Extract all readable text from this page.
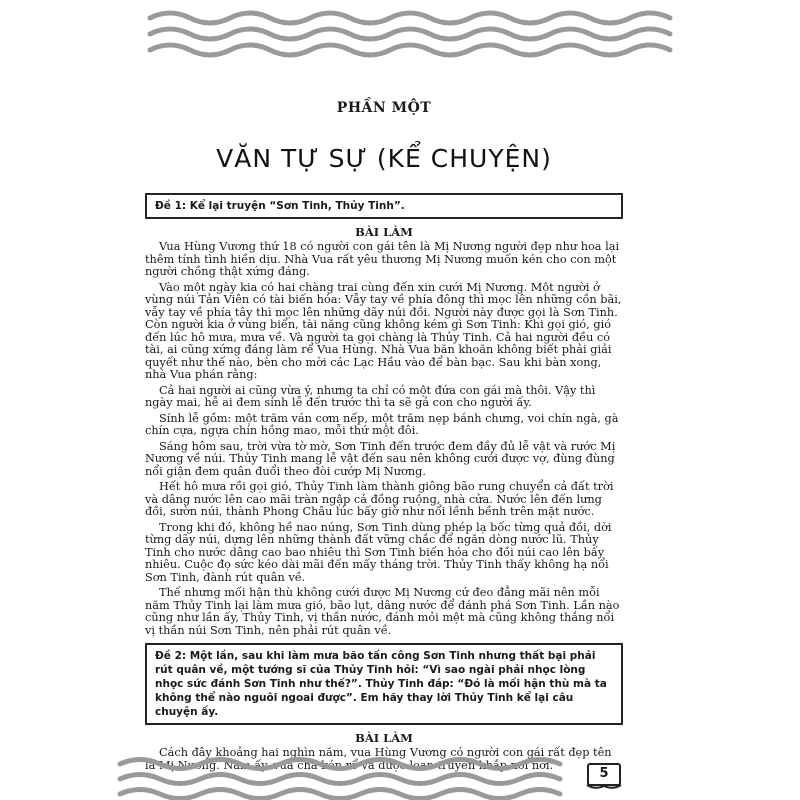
PHẦN MỘT
VĂN TỰ SỰ (KỂ CHUYỆN)
Đề 1: Kể lại truyện “Sơn Tinh, Thủy Tinh”.
BÀI LÀM

Vua Hùng Vương thứ 18 có người con gái tên là Mị Nương người đẹp như hoa lại thêm tính tình hiền dịu. Nhà Vua rất yêu thương Mị Nương muốn kén cho con một người chồng thật xứng đáng.

Vào một ngày kia có hai chàng trai cùng đến xin cưới Mị Nương. Một người ở vùng núi Tản Viên có tài biến hóa: Vẫy tay về phía đông thì mọc lên những cồn bãi, vẫy tay về phía tây thì mọc lên những dãy núi đồi. Người này được gọi là Sơn Tinh. Còn người kia ở vùng biển, tài năng cũng không kém gì Sơn Tinh: Khi gọi gió, gió đến lúc hô mưa, mưa về. Và người ta gọi chàng là Thủy Tinh. Cả hai người đều có tài, ai cũng xứng đáng làm rể Vua Hùng. Nhà Vua băn khoăn không biết phải giải quyết như thế nào, bèn cho mời các Lạc Hầu vào để bàn bạc. Sau khi bàn xong, nhà Vua phán rằng:

Cả hai người ai cũng vừa ý, nhưng ta chỉ có một đứa con gái mà thôi. Vậy thì ngày mai, hễ ai đem sính lễ đến trước thì ta sẽ gả con cho người ấy.

Sính lễ gồm: một trăm ván cơm nếp, một trăm nẹp bánh chưng, voi chín ngà, gà chín cựa, ngựa chín hồng mao, mỗi thứ một đôi.

Sáng hôm sau, trời vừa tờ mờ, Sơn Tinh đến trước đem đầy đủ lễ vật và rước Mị Nương về núi. Thủy Tinh mang lễ vật đến sau nên không cưới được vợ, đùng đùng nổi giận đem quân đuổi theo đòi cướp Mị Nương.

Hết hô mưa rồi gọi gió, Thủy Tinh làm thành giông bão rung chuyển cả đất trời và dâng nước lên cao mãi tràn ngập cả đồng ruộng, nhà cửa. Nước lên đến lưng đồi, sườn núi, thành Phong Châu lúc bấy giờ như nổi lềnh bềnh trên mặt nước.

Trong khi đó, không hề nao núng, Sơn Tinh dùng phép lạ bốc từng quả đồi, dời từng dãy núi, dựng lên những thành đất vững chắc để ngăn dòng nước lũ. Thủy Tinh cho nước dâng cao bao nhiêu thì Sơn Tinh biến hóa cho đồi núi cao lên bấy nhiêu. Cuộc đọ sức kéo dài mãi đến mấy tháng trời. Thủy Tinh thấy không hạ nổi Sơn Tinh, đành rút quân về.

Thế nhưng mối hận thù không cưới được Mị Nương cứ đeo đẳng mãi nên mỗi năm Thủy Tinh lại làm mưa gió, bão lụt, dâng nước để đánh phá Sơn Tinh. Lần nào cũng như lần ấy, Thủy Tinh, vị thần nước, đánh mỏi mệt mà cũng không thắng nổi vị thần núi Sơn Tinh, nên phải rút quân về.

Đề 2: Một lần, sau khi làm mưa bão tấn công Sơn Tinh nhưng thất bại phải rút quân về, một tướng sĩ của Thủy Tinh hỏi: “Vì sao ngài phải nhọc lòng nhọc sức đánh Sơn Tinh như thế?”. Thủy Tinh đáp: “Đó là mối hận thù mà ta không thể nào nguôi ngoai được”. Em hãy thay lời Thủy Tinh kể lại câu chuyện ấy.
BÀI LÀM

Cách đây khoảng hai nghìn năm, vua Hùng Vương có người con gái rất đẹp tên là Mị Nương. Năm ấy, vua cha kén rể và được loan truyền khắp nơi nơi.

5
